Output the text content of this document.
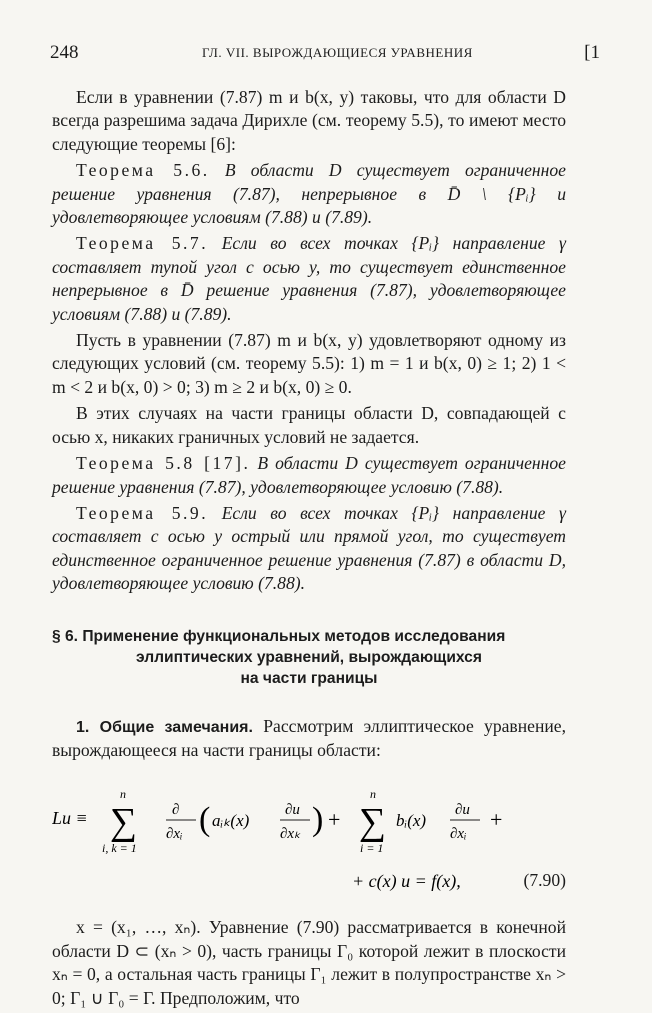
248	ГЛ. VII. ВЫРОЖДАЮЩИЕСЯ УРАВНЕНИЯ	[1

Если в уравнении (7.87) m и b(x, y) таковы, что для области D всегда разрешима задача Дирихле (см. теорему 5.5), то имеют место следующие теоремы [6]:

Теорема 5.6. В области D существует ограниченное решение уравнения (7.87), непрерывное в D̄ \ {Pᵢ} и удовлетворяющее условиям (7.88) и (7.89).

Теорема 5.7. Если во всех точках {Pᵢ} направление γ составляет тупой угол с осью y, то существует единственное непрерывное в D̄ решение уравнения (7.87), удовлетворяющее условиям (7.88) и (7.89).

Пусть в уравнении (7.87) m и b(x, y) удовлетворяют одному из следующих условий (см. теорему 5.5): 1) m = 1 и b(x, 0) ≥ 1; 2) 1 < m < 2 и b(x, 0) > 0; 3) m ≥ 2 и b(x, 0) ≥ 0.

В этих случаях на части границы области D, совпадающей с осью x, никаких граничных условий не задается.

Теорема 5.8 [17]. В области D существует ограниченное решение уравнения (7.87), удовлетворяющее условию (7.88).

Теорема 5.9. Если во всех точках {Pᵢ} направление γ составляет с осью y острый или прямой угол, то существует единственное ограниченное решение уравнения (7.87) в области D, удовлетворяющее условию (7.88).

§ 6. Применение функциональных методов исследования
эллиптических уравнений, вырождающихся
на части границы

1. Общие замечания. Рассмотрим эллиптическое уравнение, вырождающееся на части границы области:

Lu ≡
n
∑
i, k = 1
∂
∂xᵢ ( aᵢₖ(x)
∂u
∂xₖ ) +
n
∑
i = 1
bᵢ(x)
∂u
∂xᵢ
+
+ c(x) u = f(x),	(7.90)

x = (x₁, …, xₙ). Уравнение (7.90) рассматривается в конечной области D ⊂ (xₙ > 0), часть границы Γ₀ которой лежит в плоскости xₙ = 0, а остальная часть границы Γ₁ лежит в полупространстве xₙ > 0; Γ₁ ∪ Γ₀ = Γ. Предположим, что
